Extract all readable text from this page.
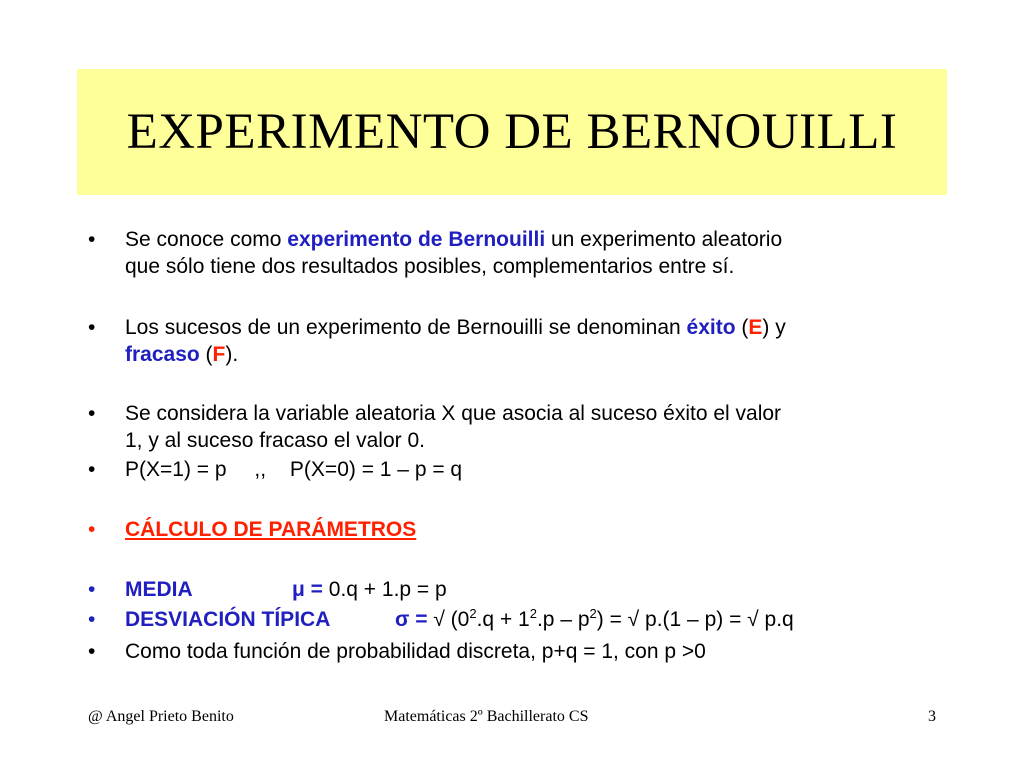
EXPERIMENTO DE BERNOUILLI
•	Se conoce como experimento de Bernouilli un experimento aleatorio
que sólo tiene dos resultados posibles, complementarios entre sí.
•	Los sucesos de un experimento de Bernouilli se denominan éxito (E) y
fracaso (F).
•	Se considera la variable aleatoria X que asocia al suceso éxito el valor
1, y al suceso fracaso el valor 0.
•	P(X=1) = p ,, P(X=0) = 1 – p = q
•	CÁLCULO DE PARÁMETROS
•	MEDIA	μ = 0.q + 1.p = p
•	DESVIACIÓN TÍPICA	σ = √ $(0^2.q + 1^2.p - p^2)$ = √ p.(1 – p) = √ p.q
•	Como toda función de probabilidad discreta, p+q = 1, con p >0
@ Angel Prieto Benito	Matemáticas 2º Bachillerato CS	3
